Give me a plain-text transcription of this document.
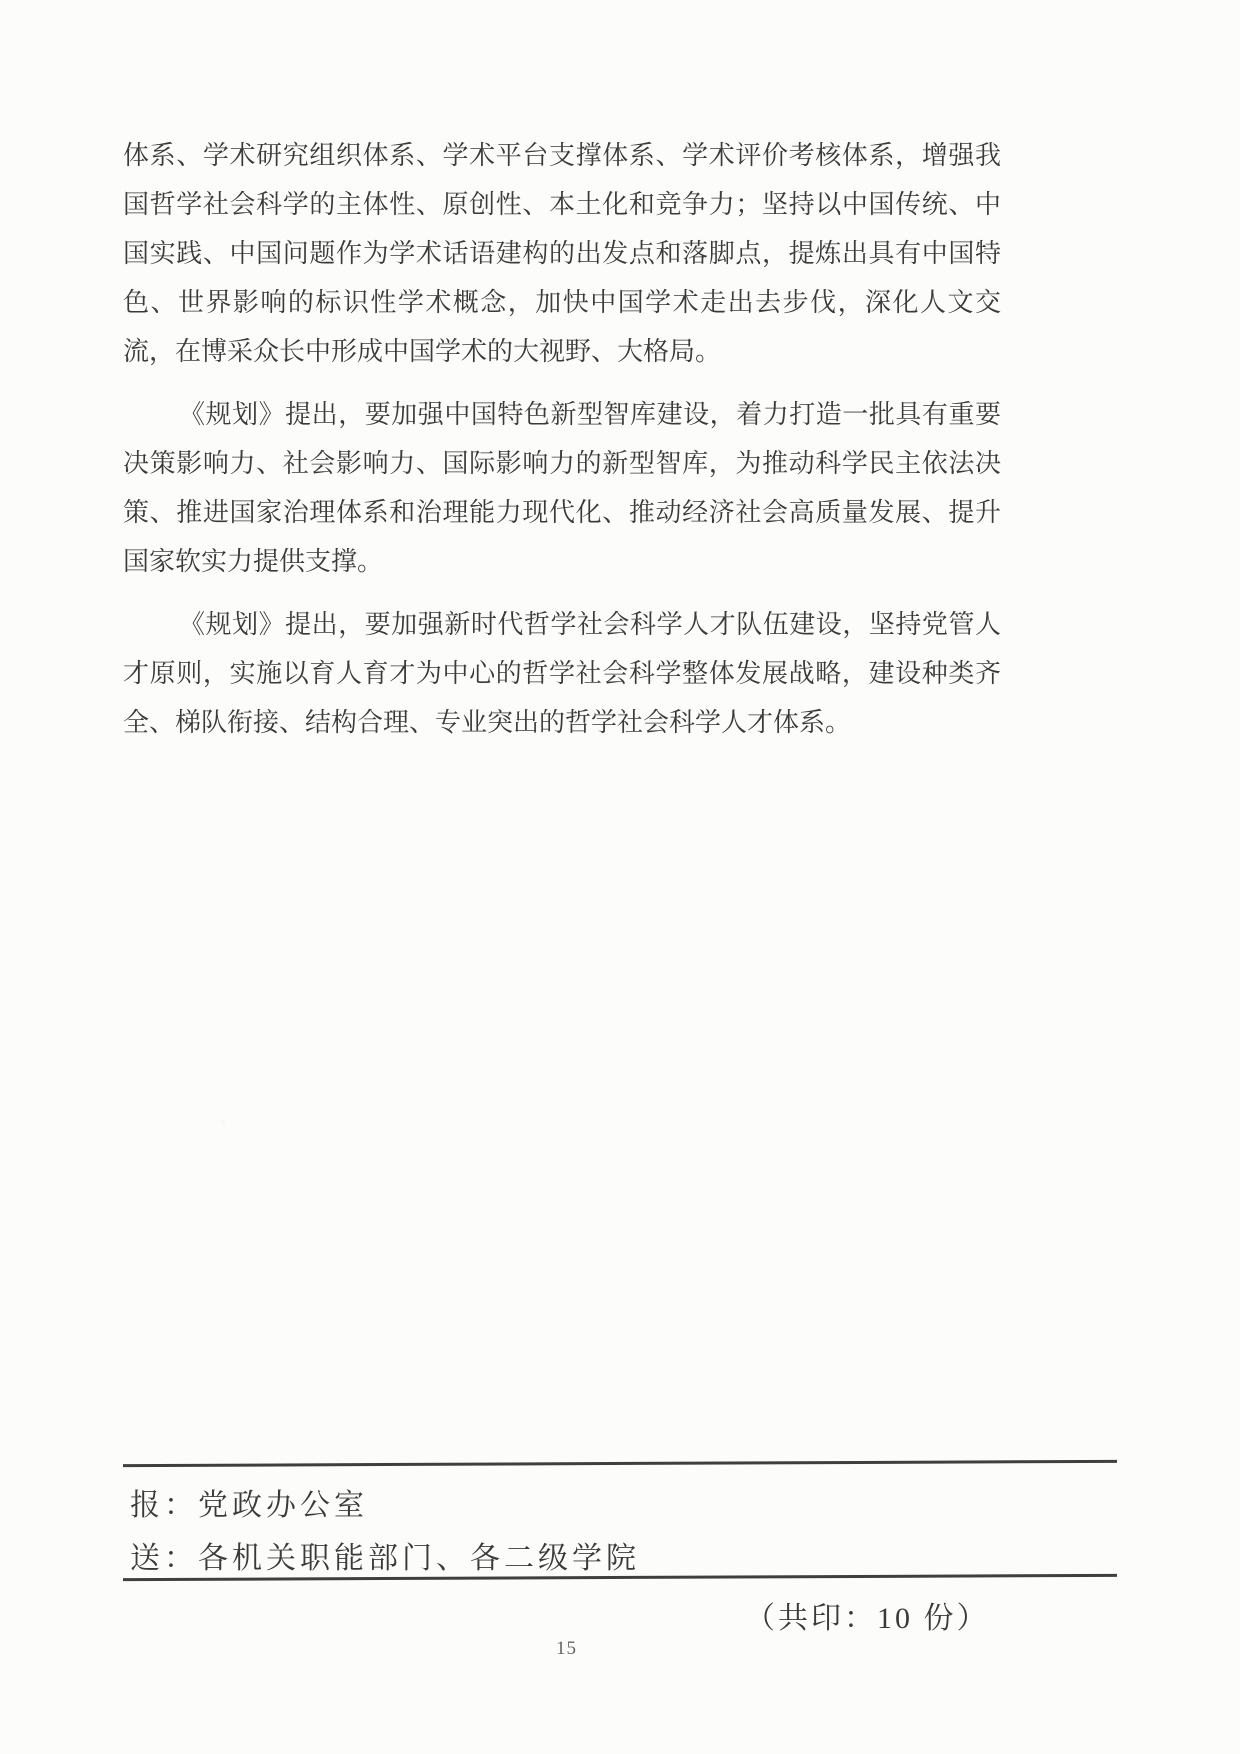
体系、学术研究组织体系、学术平台支撑体系、学术评价考核体系，增强我
国哲学社会科学的主体性、原创性、本土化和竞争力；坚持以中国传统、中
国实践、中国问题作为学术话语建构的出发点和落脚点，提炼出具有中国特
色、世界影响的标识性学术概念，加快中国学术走出去步伐，深化人文交
流，在博采众长中形成中国学术的大视野、大格局。
《规划》提出，要加强中国特色新型智库建设，着力打造一批具有重要
决策影响力、社会影响力、国际影响力的新型智库，为推动科学民主依法决
策、推进国家治理体系和治理能力现代化、推动经济社会高质量发展、提升
国家软实力提供支撑。
《规划》提出，要加强新时代哲学社会科学人才队伍建设，坚持党管人
才原则，实施以育人育才为中心的哲学社会科学整体发展战略，建设种类齐
全、梯队衔接、结构合理、专业突出的哲学社会科学人才体系。
报：党政办公室
送：各机关职能部门、各二级学院
（共印：10 份）
15
